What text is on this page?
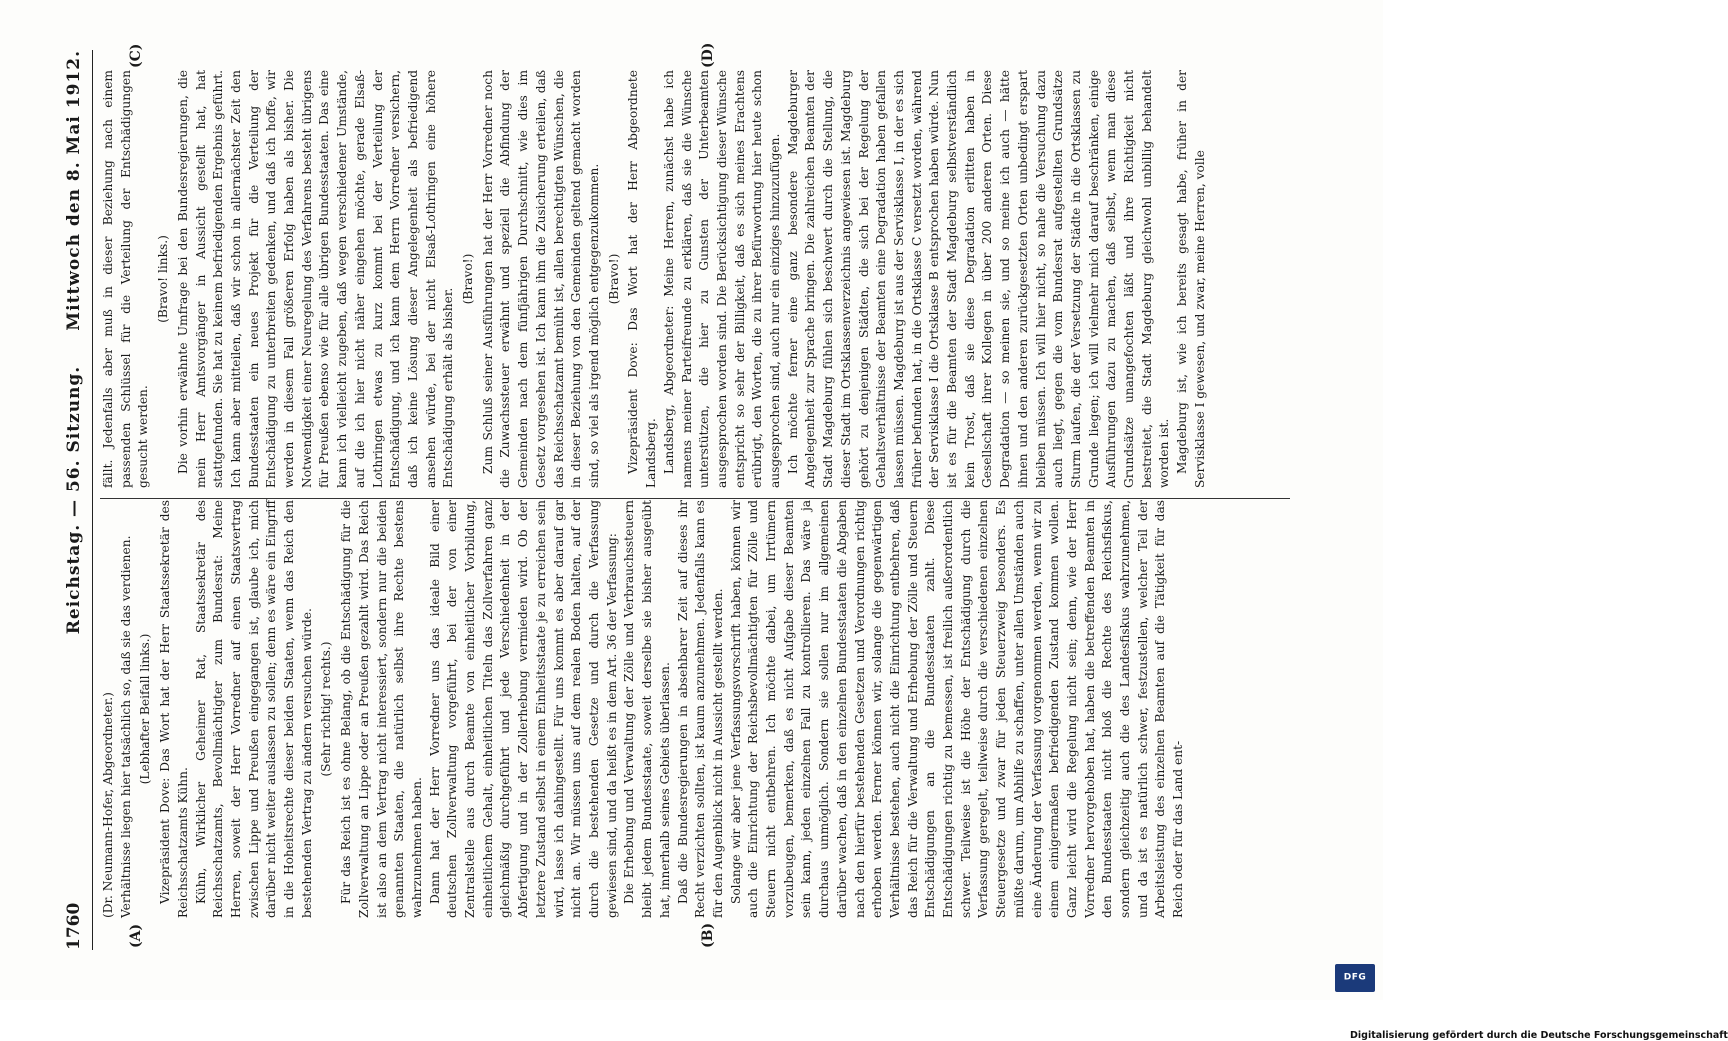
1760
Reichstag. — 56. Sitzung.
Mittwoch den 8. Mai 1912.
(A)	(B)
(C)	(D)

(Dr. Neumann-Hofer, Abgeordneter.) Verhältnisse liegen hier tatsächlich so, daß sie das verdienen. (Lebhafter Beifall links.) Vizepräsident Dove: Das Wort hat der Herr Staatssekretär des Reichsschatzamts Kühn. Kühn, Wirklicher Geheimer Rat, Staatssekretär des Reichsschatzamts, Bevollmächtigter zum Bundesrat: Meine Herren, soweit der Herr Vorredner auf einen Staatsvertrag zwischen Lippe und Preußen eingegangen ist, glaube ich, mich darüber nicht weiter auslassen zu sollen; denn es wäre ein Eingriff in die Hoheitsrechte dieser beiden Staaten, wenn das Reich den bestehenden Vertrag zu ändern versuchen würde. (Sehr richtig! rechts.) Für das Reich ist es ohne Belang, ob die Entschädigung für die Zollverwaltung an Lippe oder an Preußen gezahlt wird. Das Reich ist also an dem Vertrag nicht interessiert, sondern nur die beiden genannten Staaten, die natürlich selbst ihre Rechte bestens wahrzunehmen haben. Dann hat der Herr Vorredner uns das ideale Bild einer deutschen Zollverwaltung vorgeführt, bei der von einer Zentralstelle aus durch Beamte von einheitlicher Vorbildung, einheitlichem Gehalt, einheitlichen Titeln das Zollverfahren ganz gleichmäßig durchgeführt und jede Verschiedenheit in der Abfertigung und in der Zollerhebung vermieden wird. Ob der letztere Zustand selbst in einem Einheitsstaate je zu erreichen sein wird, lasse ich dahingestellt. Für uns kommt es aber darauf gar nicht an. Wir müssen uns auf dem realen Boden halten, auf der durch die bestehenden Gesetze und durch die Verfassung gewiesen sind, und da heißt es in dem Art. 36 der Verfassung: Die Erhebung und Verwaltung der Zölle und Verbrauchssteuern bleibt jedem Bundesstaate, soweit derselbe sie bisher ausgeübt hat, innerhalb seines Gebiets überlassen. Daß die Bundesregierungen in absehbarer Zeit auf dieses ihr Recht verzichten sollten, ist kaum anzunehmen. Jedenfalls kann es für den Augenblick nicht in Aussicht gestellt werden. Solange wir aber jene Verfassungsvorschrift haben, können wir auch die Einrichtung der Reichsbevollmächtigten für Zölle und Steuern nicht entbehren. Ich möchte dabei, um Irrtümern vorzubeugen, bemerken, daß es nicht Aufgabe dieser Beamten sein kann, jeden einzelnen Fall zu kontrollieren. Das wäre ja durchaus unmöglich. Sondern sie sollen nur im allgemeinen darüber wachen, daß in den einzelnen Bundesstaaten die Abgaben nach den hierfür bestehenden Gesetzen und Verordnungen richtig erhoben werden. Ferner können wir, solange die gegenwärtigen Verhältnisse bestehen, auch nicht die Einrichtung entbehren, daß das Reich für die Verwaltung und Erhebung der Zölle und Steuern Entschädigungen an die Bundesstaaten zahlt. Diese Entschädigungen richtig zu bemessen, ist freilich außerordentlich schwer. Teilweise ist die Höhe der Entschädigung durch die Verfassung geregelt, teilweise durch die verschiedenen einzelnen Steuergesetze und zwar für jeden Steuerzweig besonders. Es müßte darum, um Abhilfe zu schaffen, unter allen Umständen auch eine Änderung der Verfassung vorgenommen werden, wenn wir zu einem einigermaßen befriedigenden Zustand kommen wollen. Ganz leicht wird die Regelung nicht sein; denn, wie der Herr Vorredner hervorgehoben hat, haben die betreffenden Beamten in den Bundesstaaten nicht bloß die Rechte des Reichsfiskus, sondern gleichzeitig auch die des Landesfiskus wahrzunehmen, und da ist es natürlich schwer, festzustellen, welcher Teil der Arbeitsleistung des einzelnen Beamten auf die Tätigkeit für das Reich oder für das Land ent-

fällt. Jedenfalls aber muß in dieser Beziehung nach einem passenden Schlüssel für die Verteilung der Entschädigungen gesucht werden.

(Bravo! links.) Die vorhin erwähnte Umfrage bei den Bundesregierungen, die mein Herr Amtsvorgänger in Aussicht gestellt hat, hat stattgefunden. Sie hat zu keinem befriedigenden Ergebnis geführt. Ich kann aber mitteilen, daß wir schon in allernächster Zeit den Bundesstaaten ein neues Projekt für die Verteilung der Entschädigung zu unterbreiten gedenken, und daß ich hoffe, wir werden in diesem Fall größeren Erfolg haben als bisher. Die Notwendigkeit einer Neuregelung des Verfahrens besteht übrigens für Preußen ebenso wie für alle übrigen Bundesstaaten. Das eine kann ich vielleicht zugeben, daß wegen verschiedener Umstände, auf die ich hier nicht näher eingehen möchte, gerade Elsaß-Lothringen etwas zu kurz kommt bei der Verteilung der Entschädigung, und ich kann dem Herrn Vorredner versichern, daß ich keine Lösung dieser Angelegenheit als befriedigend ansehen würde, bei der nicht Elsaß-Lothringen eine höhere Entschädigung erhält als bisher.

(Bravo!) Zum Schluß seiner Ausführungen hat der Herr Vorredner noch die Zuwachssteuer erwähnt und speziell die Abfindung der Gemeinden nach dem fünfjährigen Durchschnitt, wie dies im Gesetz vorgesehen ist. Ich kann ihm die Zusicherung erteilen, daß das Reichsschatzamt bemüht ist, allen berechtigten Wünschen, die in dieser Beziehung von den Gemeinden geltend gemacht worden sind, so viel als irgend möglich entgegenzukommen. (Bravo!) Vizepräsident Dove: Das Wort hat der Herr Abgeordnete Landsberg. Landsberg, Abgeordneter: Meine Herren, zunächst habe ich namens meiner Parteifreunde zu erklären, daß sie die Wünsche unterstützen, die hier zu Gunsten der Unterbeamten ausgesprochen worden sind. Die Berücksichtigung dieser Wünsche entspricht so sehr der Billigkeit, daß es sich meines Erachtens erübrigt, den Worten, die zu ihrer Befürwortung hier heute schon ausgesprochen sind, auch nur ein einziges hinzuzufügen. Ich möchte ferner eine ganz besondere Magdeburger Angelegenheit zur Sprache bringen. Die zahlreichen Beamten der Stadt Magdeburg fühlen sich beschwert durch die Stellung, die dieser Stadt im Ortsklassenverzeichnis angewiesen ist. Magdeburg gehört zu denjenigen Städten, die sich bei der Regelung der Gehaltsverhältnisse der Beamten eine Degradation haben gefallen lassen müssen. Magdeburg ist aus der Servisklasse I, in der es sich früher befunden hat, in die Ortsklasse C versetzt worden, während der Servisklasse I die Ortsklasse B entsprochen haben würde. Nun ist es für die Beamten der Stadt Magdeburg selbstverständlich kein Trost, daß sie diese Degradation erlitten haben in Gesellschaft ihrer Kollegen in über 200 anderen Orten. Diese Degradation — so meinen sie, und so meine ich auch — hätte ihnen und den anderen zurückgesetzten Orten unbedingt erspart bleiben müssen. Ich will hier nicht, so nahe die Versuchung dazu auch liegt, gegen die vom Bundesrat aufgestellten Grundsätze Sturm laufen, die der Versetzung der Städte in die Ortsklassen zu Grunde liegen; ich will vielmehr mich darauf beschränken, einige Ausführungen dazu zu machen, daß selbst, wenn man diese Grundsätze unangefochten läßt und ihre Richtigkeit nicht bestreitet, die Stadt Magdeburg gleichwohl unbillig behandelt worden ist. Magdeburg ist, wie ich bereits gesagt habe, früher in der Servisklasse I gewesen, und zwar, meine Herren, volle

DFG
Digitalisierung gefördert durch die Deutsche Forschungsgemeinschaft
